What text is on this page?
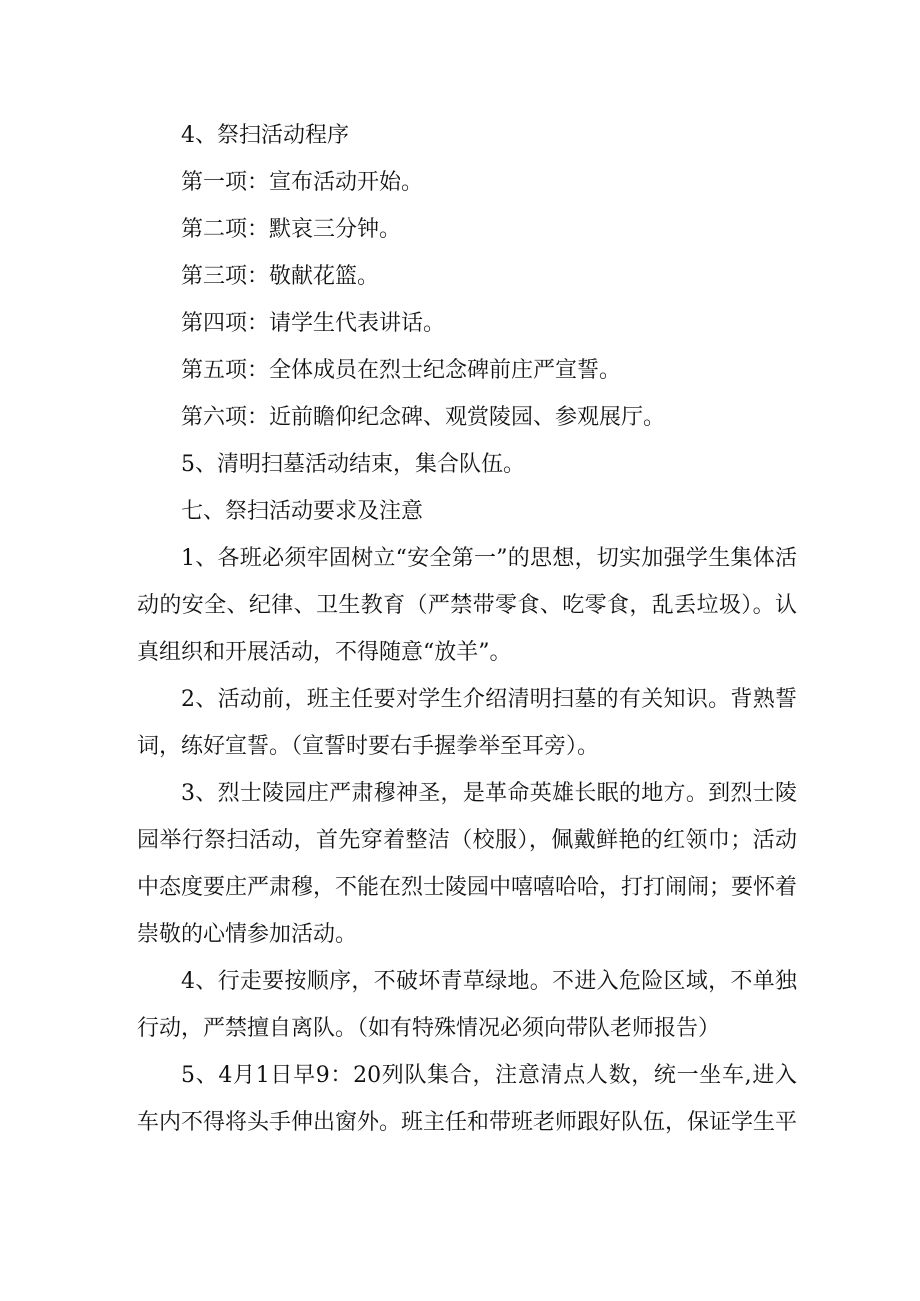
4、祭扫活动程序
第一项：宣布活动开始。
第二项：默哀三分钟。
第三项：敬献花篮。
第四项：请学生代表讲话。
第五项：全体成员在烈士纪念碑前庄严宣誓。
第六项：近前瞻仰纪念碑、观赏陵园、参观展厅。
5、清明扫墓活动结束，集合队伍。
七、祭扫活动要求及注意
1、各班必须牢固树立“安全第一”的思想，切实加强学生集体活动的安全、纪律、卫生教育（严禁带零食、吃零食，乱丢垃圾）。认真组织和开展活动，不得随意“放羊”。
2、活动前，班主任要对学生介绍清明扫墓的有关知识。背熟誓词，练好宣誓。（宣誓时要右手握拳举至耳旁）。
3、烈士陵园庄严肃穆神圣，是革命英雄长眠的地方。到烈士陵园举行祭扫活动，首先穿着整洁（校服），佩戴鲜艳的红领巾；活动中态度要庄严肃穆，不能在烈士陵园中嘻嘻哈哈，打打闹闹；要怀着崇敬的心情参加活动。
4、行走要按顺序，不破坏青草绿地。不进入危险区域，不单独行动，严禁擅自离队。（如有特殊情况必须向带队老师报告）
5、4月1日早9：20列队集合，注意清点人数，统一坐车,进入车内不得将头手伸出窗外。班主任和带班老师跟好队伍，保证学生平
